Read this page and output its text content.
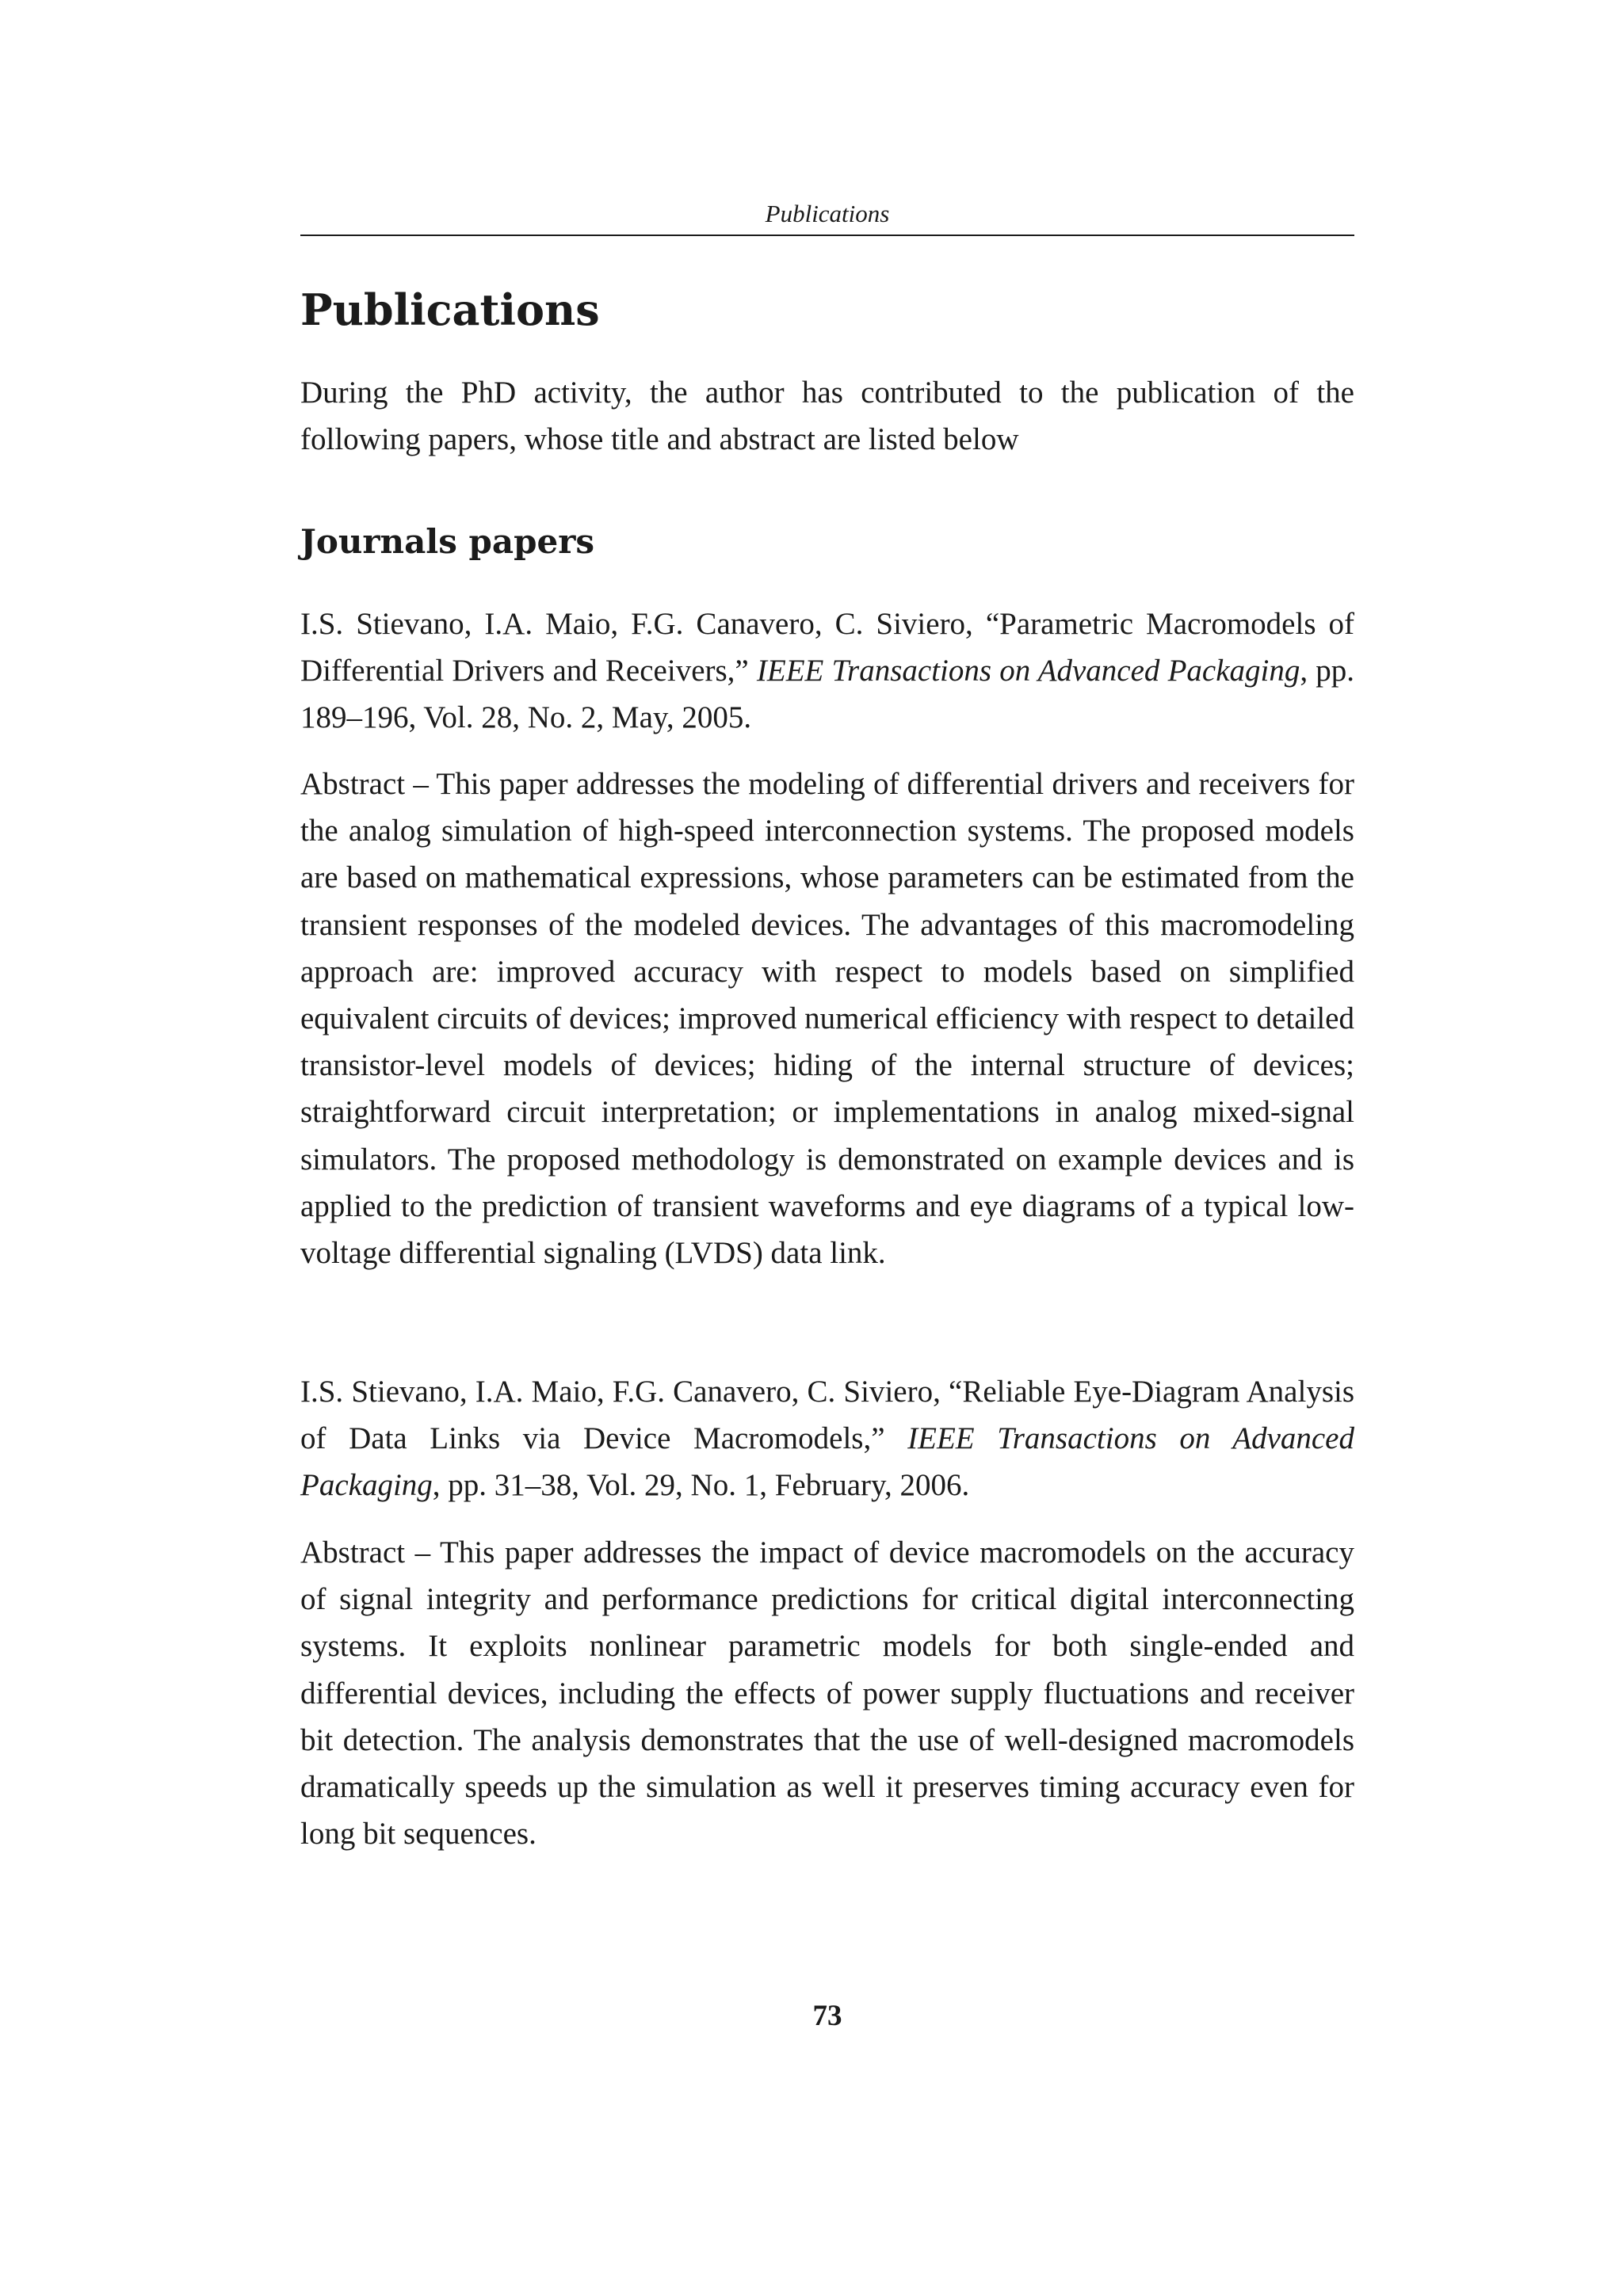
Publications
Publications

During the PhD activity, the author has contributed to the publication of the following papers, whose title and abstract are listed below

Journals papers

I.S. Stievano, I.A. Maio, F.G. Canavero, C. Siviero, “Parametric Macromodels of Differential Drivers and Receivers,” IEEE Transactions on Advanced Packaging, pp. 189–196, Vol. 28, No. 2, May, 2005.

Abstract – This paper addresses the modeling of differential drivers and receivers for the analog simulation of high-speed interconnection systems. The proposed models are based on mathematical expressions, whose parameters can be estimated from the transient responses of the modeled devices. The advantages of this macromodeling approach are: improved accuracy with respect to models based on simplified equivalent circuits of devices; improved numerical efficiency with respect to detailed transistor-level models of devices; hiding of the internal structure of devices; straightforward circuit interpretation; or implementations in analog mixed-signal simulators. The proposed methodology is demonstrated on example devices and is applied to the prediction of transient waveforms and eye diagrams of a typical low-voltage differential signaling (LVDS) data link.

I.S. Stievano, I.A. Maio, F.G. Canavero, C. Siviero, “Reliable Eye-Diagram Analysis of Data Links via Device Macromodels,” IEEE Transactions on Advanced Packaging, pp. 31–38, Vol. 29, No. 1, February, 2006.

Abstract – This paper addresses the impact of device macromodels on the accuracy of signal integrity and performance predictions for critical digital interconnecting systems. It exploits nonlinear parametric models for both single-ended and differential devices, including the effects of power supply fluctuations and receiver bit detection. The analysis demonstrates that the use of well-designed macromodels dramatically speeds up the simulation as well it preserves timing accuracy even for long bit sequences.

73
